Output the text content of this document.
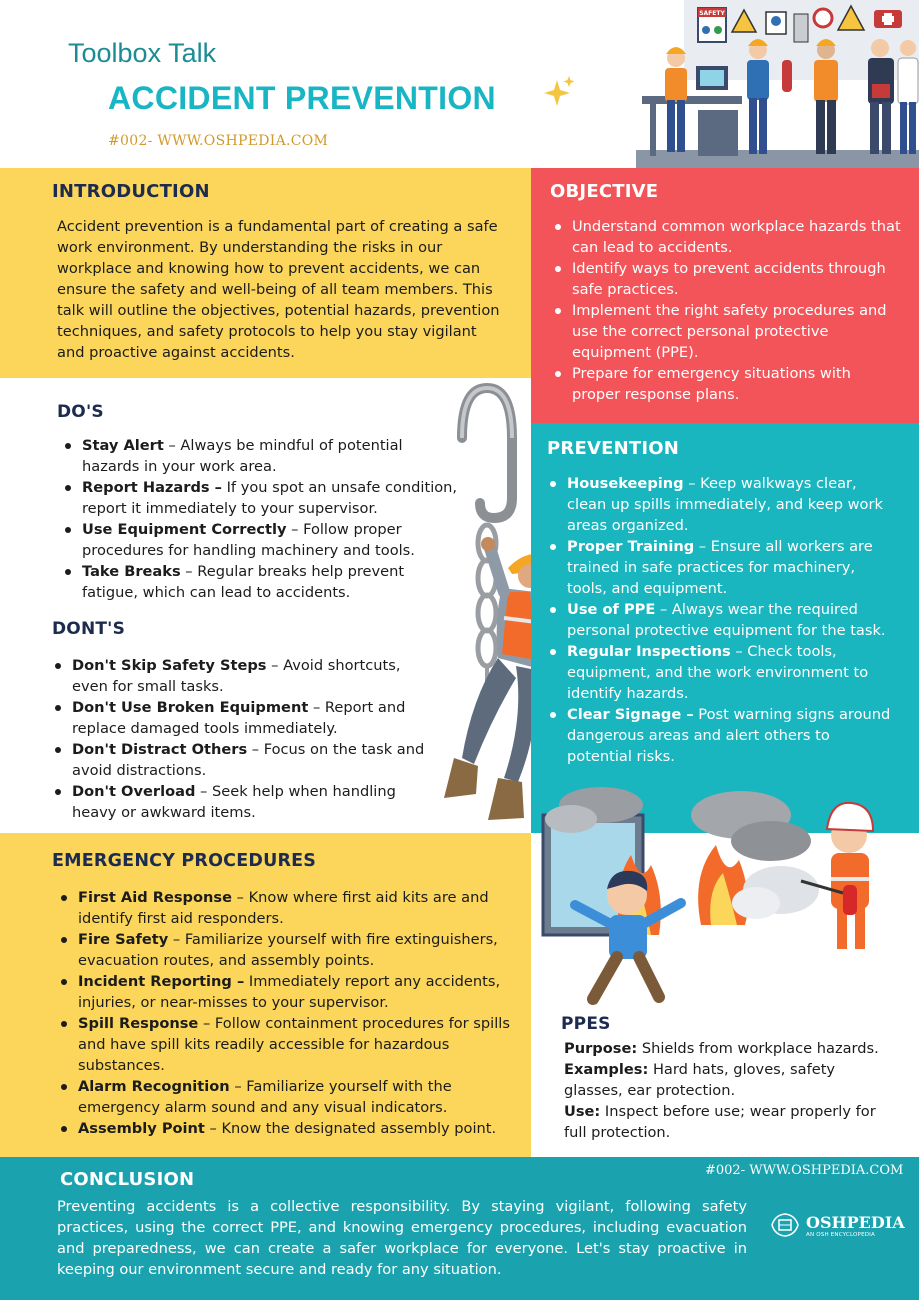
Toolbox Talk
ACCIDENT PREVENTION
#002- WWW.OSHPEDIA.COM
SAFETY
INTRODUCTION
Accident prevention is a fundamental part of creating a safe work environment. By understanding the risks in our workplace and knowing how to prevent accidents, we can ensure the safety and well-being of all team members. This talk will outline the objectives, potential hazards, prevention techniques, and safety protocols to help you stay vigilant and proactive against accidents.
OBJECTIVE
Understand common workplace hazards that can lead to accidents.
Identify ways to prevent accidents through safe practices.
Implement the right safety procedures and use the correct personal protective equipment (PPE).
Prepare for emergency situations with proper response plans.
DO'S
Stay Alert – Always be mindful of potential hazards in your work area.
Report Hazards – If you spot an unsafe condition, report it immediately to your supervisor.
Use Equipment Correctly – Follow proper procedures for handling machinery and tools.
Take Breaks – Regular breaks help prevent fatigue, which can lead to accidents.
DONT'S
Don't Skip Safety Steps – Avoid shortcuts, even for small tasks.
Don't Use Broken Equipment – Report and replace damaged tools immediately.
Don't Distract Others – Focus on the task and avoid distractions.
Don't Overload – Seek help when handling heavy or awkward items.
PREVENTION
Housekeeping – Keep walkways clear, clean up spills immediately, and keep work areas organized.
Proper Training – Ensure all workers are trained in safe practices for machinery, tools, and equipment.
Use of PPE – Always wear the required personal protective equipment for the task.
Regular Inspections – Check tools, equipment, and the work environment to identify hazards.
Clear Signage – Post warning signs around dangerous areas and alert others to potential risks.
EMERGENCY PROCEDURES
First Aid Response – Know where first aid kits are and identify first aid responders.
Fire Safety – Familiarize yourself with fire extinguishers, evacuation routes, and assembly points.
Incident Reporting – Immediately report any accidents, injuries, or near-misses to your supervisor.
Spill Response – Follow containment procedures for spills and have spill kits readily accessible for hazardous substances.
Alarm Recognition – Familiarize yourself with the emergency alarm sound and any visual indicators.
Assembly Point – Know the designated assembly point.
PPES

Purpose: Shields from workplace hazards.

Examples: Hard hats, gloves, safety glasses, ear protection.

Use: Inspect before use; wear properly for full protection.

CONCLUSION	#002- WWW.OSHPEDIA.COM
Preventing accidents is a collective responsibility. By staying vigilant, following safety practices, using the correct PPE, and knowing emergency procedures, including evacuation and preparedness, we can create a safer workplace for everyone. Let's stay proactive in keeping our environment secure and ready for any situation.
OSHPEDIA
AN OSH ENCYCLOPEDIA
